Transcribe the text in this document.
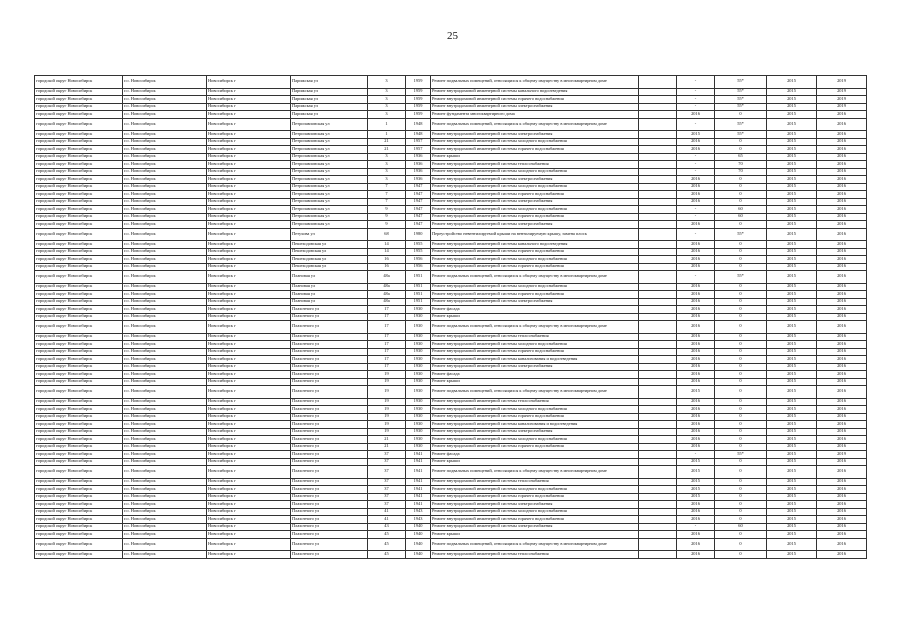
25
городской округ Новосибирск	г.о. Новосибирск	Новосибирск г	Парижская ул	3	1959	Ремонт подвальных помещений, относящихся к общему имуществу в многоквартирном доме		-	55*	2015	2019
городской округ Новосибирск	г.о. Новосибирск	Новосибирск г	Парижская ул	3	1959	Ремонт внутридомовой инженерной системы канального водоотведения		-	55*	2015	2019
городской округ Новосибирск	г.о. Новосибирск	Новосибирск г	Парижская ул	3	1959	Ремонт внутридомовой инженерной системы горячего водоснабжения		-	55*	2015	2019
городской округ Новосибирск	г.о. Новосибирск	Новосибирск г	Парижская ул	3	1959	Ремонт внутридомовой инженерной системы электроснабжения		-	55*	2015	2019
городской округ Новосибирск	г.о. Новосибирск	Новосибирск г	Парижская ул	3	1959	Ремонт фундамента многоквартирного дома		2016	0	2015	2016
городской округ Новосибирск	г.о. Новосибирск	Новосибирск г	Петропавловская ул	1	1948	Ремонт подвальных помещений, относящихся к общему имуществу в многоквартирном доме		-	55*	2015	2016
городской округ Новосибирск	г.о. Новосибирск	Новосибирск г	Петропавловская ул	1	1948	Ремонт внутридомовой инженерной системы электроснабжения		2015	55*	2015	2016
городской округ Новосибирск	г.о. Новосибирск	Новосибирск г	Петропавловская ул	21	1957	Ремонт внутридомовой инженерной системы холодного водоснабжения		2016	0	2015	2016
городской округ Новосибирск	г.о. Новосибирск	Новосибирск г	Петропавловская ул	21	1957	Ремонт внутридомовой инженерной системы горячего водоснабжения		2016	0	2015	2016
городской округ Новосибирск	г.о. Новосибирск	Новосибирск г	Петропавловская ул	3	1936	Ремонт крыши		-	65	2015	2016
городской округ Новосибирск	г.о. Новосибирск	Новосибирск г	Петропавловская ул	3	1936	Ремонт внутридомовой инженерной системы теплоснабжения		-	70	2015	2016
городской округ Новосибирск	г.о. Новосибирск	Новосибирск г	Петропавловская ул	3	1936	Ремонт внутридомовой инженерной системы холодного водоснабжения		-	70	2015	2016
городской округ Новосибирск	г.о. Новосибирск	Новосибирск г	Петропавловская ул	3	1936	Ремонт внутридомовой инженерной системы электроснабжения		2016	0	2015	2016
городской округ Новосибирск	г.о. Новосибирск	Новосибирск г	Петропавловская ул	7	1947	Ремонт внутридомовой инженерной системы холодного водоснабжения		2016	0	2015	2016
городской округ Новосибирск	г.о. Новосибирск	Новосибирск г	Петропавловская ул	7	1947	Ремонт внутридомовой инженерной системы горячего водоснабжения		2016	0	2015	2016
городской округ Новосибирск	г.о. Новосибирск	Новосибирск г	Петропавловская ул	7	1947	Ремонт внутридомовой инженерной системы электроснабжения		2016	0	2015	2016
городской округ Новосибирск	г.о. Новосибирск	Новосибирск г	Петропавловская ул	9	1947	Ремонт внутридомовой инженерной системы холодного водоснабжения		-	60	2015	2016
городской округ Новосибирск	г.о. Новосибирск	Новосибирск г	Петропавловская ул	9	1947	Ремонт внутридомовой инженерной системы горячего водоснабжения		-	60	2015	2016
городской округ Новосибирск	г.о. Новосибирск	Новосибирск г	Петропавловская ул	9	1947	Ремонт внутридомовой инженерной системы электроснабжения		2016	0	2015	2016
городской округ Новосибирск	г.о. Новосибирск	Новосибирск г	Петухова ул	68	1980	Переустройство невентилируемой крыши на вентилируемую крышу, замена плоск		-	55*	2015	2016
городской округ Новосибирск	г.о. Новосибирск	Новосибирск г	Пешеходовская ул	14	1955	Ремонт внутридомовой инженерной системы канального водоотведения		2016	0	2015	2016
городской округ Новосибирск	г.о. Новосибирск	Новосибирск г	Пешеходовская ул	14	1955	Ремонт внутридомовой инженерной системы горячего водоснабжения		2016	0	2015	2016
городской округ Новосибирск	г.о. Новосибирск	Новосибирск г	Пешеходовская ул	16	1956	Ремонт внутридомовой инженерной системы холодного водоснабжения		2016	0	2015	2016
городской округ Новосибирск	г.о. Новосибирск	Новосибирск г	Пешеходовская ул	16	1956	Ремонт внутридомовой инженерной системы горячего водоснабжения		2016	0	2015	2016
городской округ Новосибирск	г.о. Новосибирск	Новосибирск г	Плановая ул	48а	1951	Ремонт подвальных помещений, относящихся к общему имуществу в многоквартирном доме		-	55*	2015	2016
городской округ Новосибирск	г.о. Новосибирск	Новосибирск г	Плановая ул	48а	1951	Ремонт внутридомовой инженерной системы холодного водоснабжения		2016	0	2015	2016
городской округ Новосибирск	г.о. Новосибирск	Новосибирск г	Плановая ул	48а	1951	Ремонт внутридомовой инженерной системы горячего водоснабжения		2016	0	2015	2016
городской округ Новосибирск	г.о. Новосибирск	Новосибирск г	Плановая ул	48а	1951	Ремонт внутридомовой инженерной системы электроснабжения		2016	0	2015	2016
городской округ Новосибирск	г.о. Новосибирск	Новосибирск г	Плахотного ул	17	1930	Ремонт фасада		2016	0	2015	2016
городской округ Новосибирск	г.о. Новосибирск	Новосибирск г	Плахотного ул	17	1930	Ремонт крыши		2016	0	2015	2016
городской округ Новосибирск	г.о. Новосибирск	Новосибирск г	Плахотного ул	17	1930	Ремонт подвальных помещений, относящихся к общему имуществу в многоквартирном доме		2016	0	2015	2016
городской округ Новосибирск	г.о. Новосибирск	Новосибирск г	Плахотного ул	17	1930	Ремонт внутридомовой инженерной системы теплоснабжения		2016	0	2015	2016
городской округ Новосибирск	г.о. Новосибирск	Новосибирск г	Плахотного ул	17	1930	Ремонт внутридомовой инженерной системы холодного водоснабжения		2016	0	2015	2016
городской округ Новосибирск	г.о. Новосибирск	Новосибирск г	Плахотного ул	17	1930	Ремонт внутридомовой инженерной системы горячего водоснабжения		2016	0	2015	2016
городской округ Новосибирск	г.о. Новосибирск	Новосибирск г	Плахотного ул	17	1930	Ремонт внутридомовой инженерной системы канализования и водоотведения		2016	0	2015	2016
городской округ Новосибирск	г.о. Новосибирск	Новосибирск г	Плахотного ул	17	1930	Ремонт внутридомовой инженерной системы электроснабжения		2016	0	2015	2016
городской округ Новосибирск	г.о. Новосибирск	Новосибирск г	Плахотного ул	19	1930	Ремонт фасада		2016	0	2015	2016
городской округ Новосибирск	г.о. Новосибирск	Новосибирск г	Плахотного ул	19	1930	Ремонт крыши		2016	0	2015	2016
городской округ Новосибирск	г.о. Новосибирск	Новосибирск г	Плахотного ул	19	1930	Ремонт подвальных помещений, относящихся к общему имуществу в многоквартирном доме		2015	0	2015	2016
городской округ Новосибирск	г.о. Новосибирск	Новосибирск г	Плахотного ул	19	1930	Ремонт внутридомовой инженерной системы теплоснабжения		2016	0	2015	2016
городской округ Новосибирск	г.о. Новосибирск	Новосибирск г	Плахотного ул	19	1930	Ремонт внутридомовой инженерной системы холодного водоснабжения		2016	0	2015	2016
городской округ Новосибирск	г.о. Новосибирск	Новосибирск г	Плахотного ул	19	1930	Ремонт внутридомовой инженерной системы горячего водоснабжения		2016	0	2015	2016
городской округ Новосибирск	г.о. Новосибирск	Новосибирск г	Плахотного ул	19	1930	Ремонт внутридомовой инженерной системы канализования и водоотведения		2016	0	2015	2016
городской округ Новосибирск	г.о. Новосибирск	Новосибирск г	Плахотного ул	19	1930	Ремонт внутридомовой инженерной системы электроснабжения		2016	0	2015	2016
городской округ Новосибирск	г.о. Новосибирск	Новосибирск г	Плахотного ул	21	1930	Ремонт внутридомовой инженерной системы холодного водоснабжения		2016	0	2015	2016
городской округ Новосибирск	г.о. Новосибирск	Новосибирск г	Плахотного ул	21	1930	Ремонт внутридомовой инженерной системы горячего водоснабжения		2016	0	2015	2016
городской округ Новосибирск	г.о. Новосибирск	Новосибирск г	Плахотного ул	37	1941	Ремонт фасада		-	55*	2015	2019
городской округ Новосибирск	г.о. Новосибирск	Новосибирск г	Плахотного ул	37	1941	Ремонт крыши		2015	0	2015	2016
городской округ Новосибирск	г.о. Новосибирск	Новосибирск г	Плахотного ул	37	1941	Ремонт подвальных помещений, относящихся к общему имуществу в многоквартирном доме		2015	0	2015	2016
городской округ Новосибирск	г.о. Новосибирск	Новосибирск г	Плахотного ул	37	1941	Ремонт внутридомовой инженерной системы теплоснабжения		2015	0	2015	2016
городской округ Новосибирск	г.о. Новосибирск	Новосибирск г	Плахотного ул	37	1941	Ремонт внутридомовой инженерной системы холодного водоснабжения		2015	0	2015	2016
городской округ Новосибирск	г.о. Новосибирск	Новосибирск г	Плахотного ул	37	1941	Ремонт внутридомовой инженерной системы горячего водоснабжения		2015	0	2015	2016
городской округ Новосибирск	г.о. Новосибирск	Новосибирск г	Плахотного ул	37	1941	Ремонт внутридомовой инженерной системы электроснабжения		2016	0	2015	2016
городской округ Новосибирск	г.о. Новосибирск	Новосибирск г	Плахотного ул	41	1943	Ремонт внутридомовой инженерной системы холодного водоснабжения		2016	0	2015	2016
городской округ Новосибирск	г.о. Новосибирск	Новосибирск г	Плахотного ул	41	1943	Ремонт внутридомовой инженерной системы горячего водоснабжения		2016	0	2015	2016
городской округ Новосибирск	г.о. Новосибирск	Новосибирск г	Плахотного ул	43	1940	Ремонт внутридомовой инженерной системы электроснабжения		-	60	2015	2016
городской округ Новосибирск	г.о. Новосибирск	Новосибирск г	Плахотного ул	45	1940	Ремонт крыши		2016	0	2015	2016
городской округ Новосибирск	г.о. Новосибирск	Новосибирск г	Плахотного ул	45	1940	Ремонт подвальных помещений, относящихся к общему имуществу в многоквартирном доме		2016	0	2015	2016
городской округ Новосибирск	г.о. Новосибирск	Новосибирск г	Плахотного ул	45	1940	Ремонт внутридомовой инженерной системы теплоснабжения		2016	0	2015	2016
